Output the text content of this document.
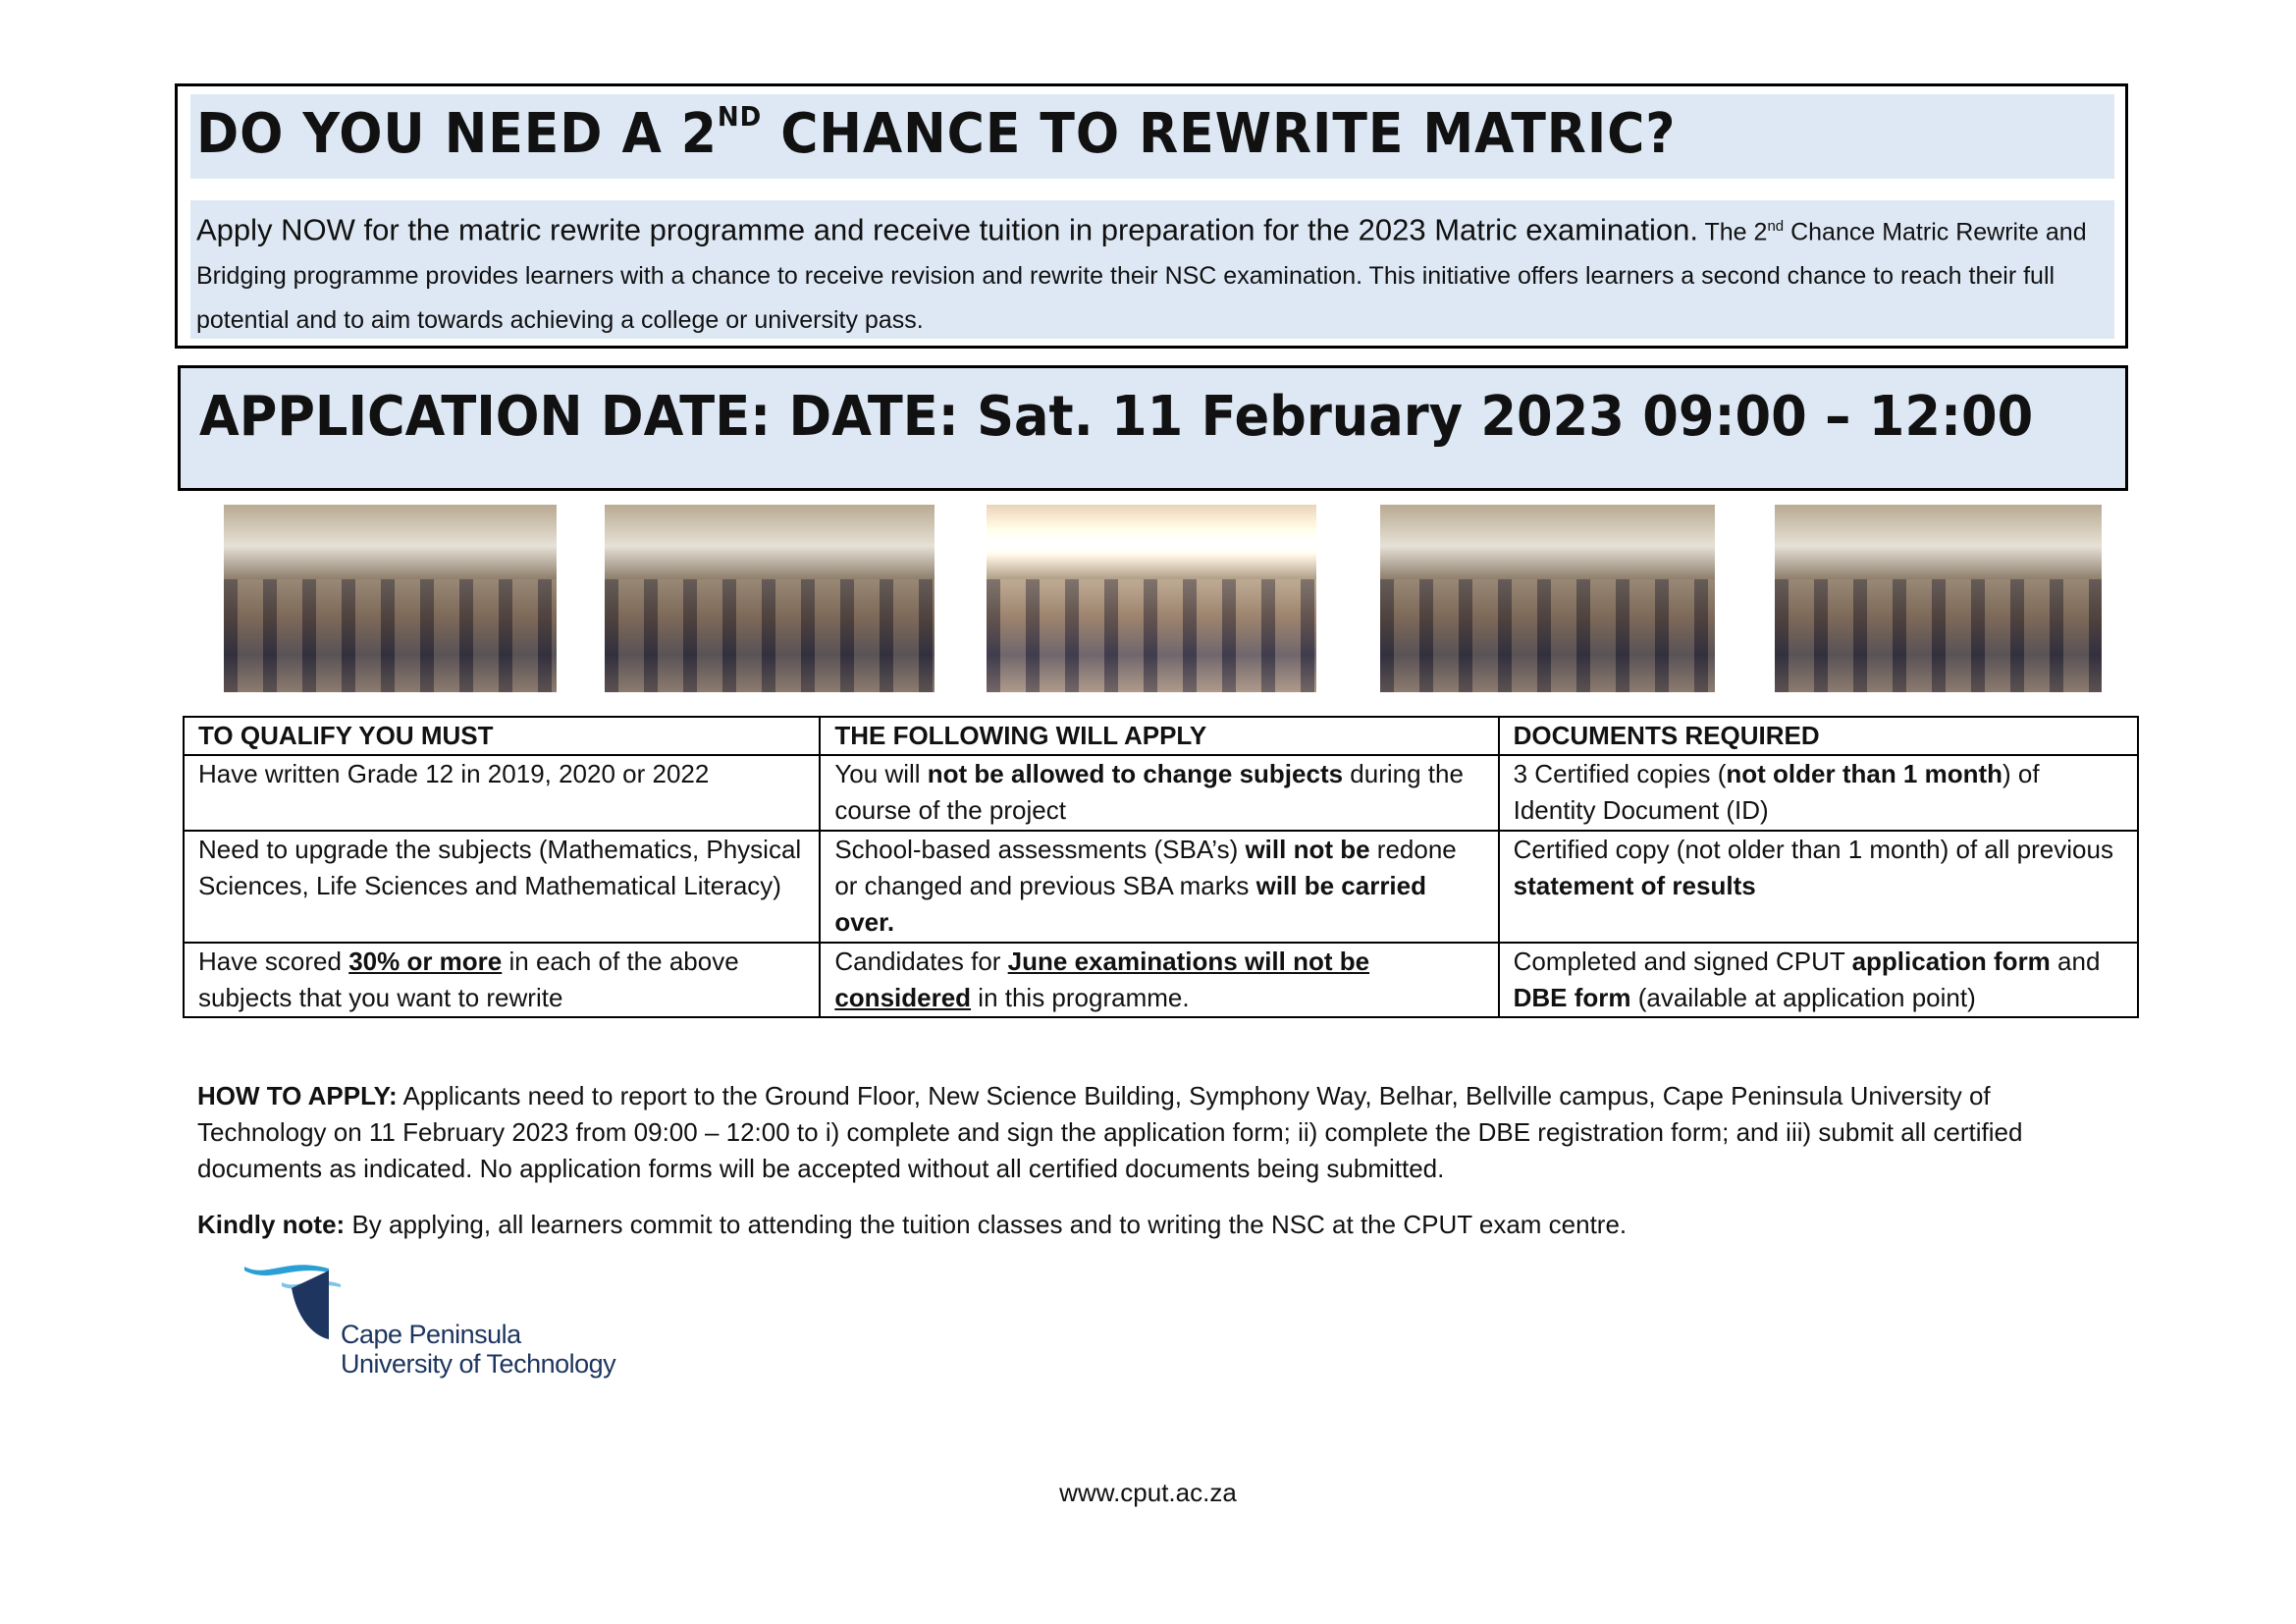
DO YOU NEED A 2ND CHANCE TO REWRITE MATRIC?
Apply NOW for the matric rewrite programme and receive tuition in preparation for the 2023 Matric examination. The 2nd Chance Matric Rewrite and Bridging programme provides learners with a chance to receive revision and rewrite their NSC examination. This initiative offers learners a second chance to reach their full potential and to aim towards achieving a college or university pass.
APPLICATION DATE: DATE: Sat. 11 February 2023 09:00 – 12:00
TO QUALIFY YOU MUST	THE FOLLOWING WILL APPLY	DOCUMENTS REQUIRED
Have written Grade 12 in 2019, 2020 or 2022	You will not be allowed to change subjects during the course of the project	3 Certified copies (not older than 1 month) of Identity Document (ID)
Need to upgrade the subjects (Mathematics, Physical Sciences, Life Sciences and Mathematical Literacy)	School-based assessments (SBA’s) will not be redone or changed and previous SBA marks will be carried over.	Certified copy (not older than 1 month) of all previous statement of results
Have scored 30% or more in each of the above subjects that you want to rewrite	Candidates for June examinations will not be considered in this programme.	Completed and signed CPUT application form and DBE form (available at application point)
HOW TO APPLY: Applicants need to report to the Ground Floor, New Science Building, Symphony Way, Belhar, Bellville campus, Cape Peninsula University of Technology on 11 February 2023 from 09:00 – 12:00 to i) complete and sign the application form; ii) complete the DBE registration form; and iii) submit all certified documents as indicated. No application forms will be accepted without all certified documents being submitted.
Kindly note: By applying, all learners commit to attending the tuition classes and to writing the NSC at the CPUT exam centre.
Cape Peninsula
University of Technology
www.cput.ac.za
